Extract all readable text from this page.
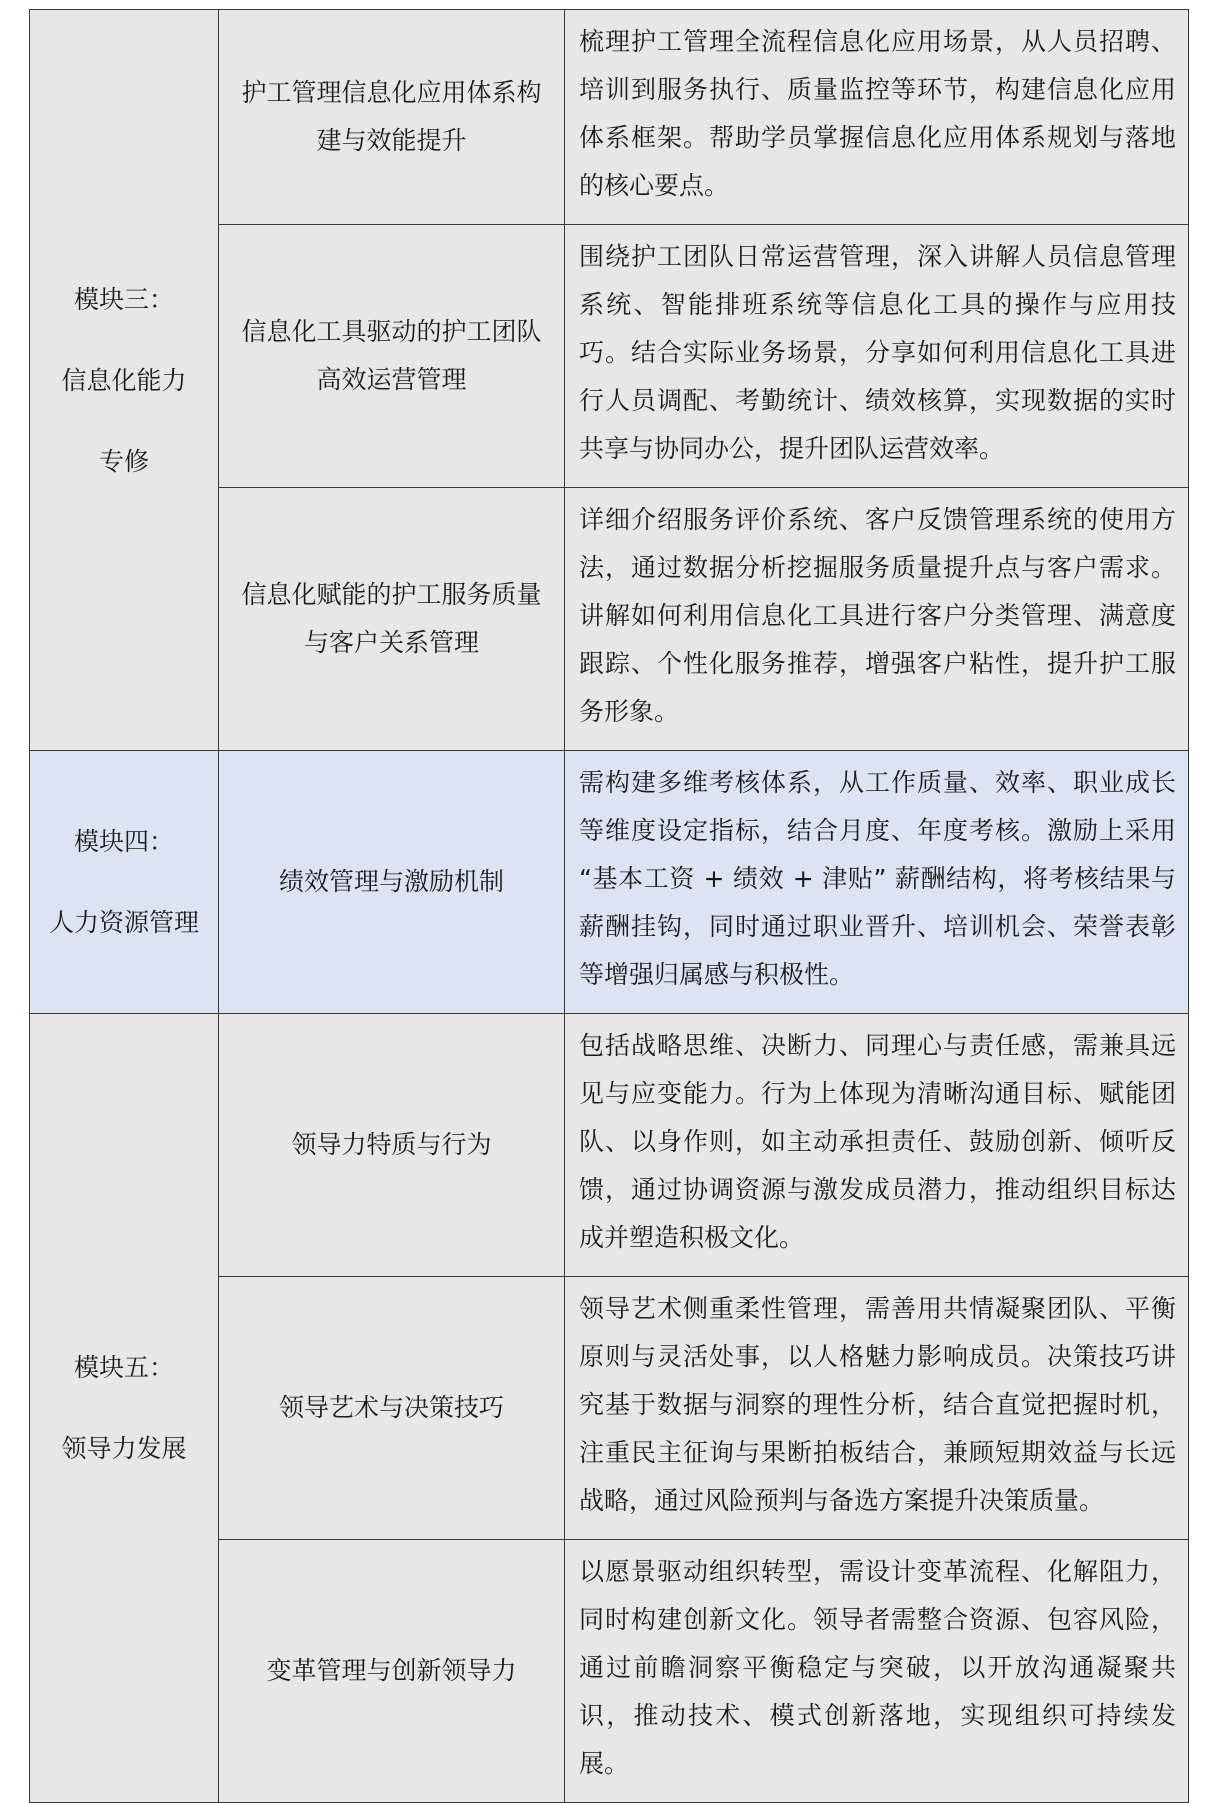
模块三：
信息化能力
专修	护工管理信息化应用体系构建与效能提升	梳理护工管理全流程信息化应用场景，从人员招聘、培训到服务执行、质量监控等环节，构建信息化应用体系框架。帮助学员掌握信息化应用体系规划与落地的核心要点。
	信息化工具驱动的护工团队高效运营管理	围绕护工团队日常运营管理，深入讲解人员信息管理系统、智能排班系统等信息化工具的操作与应用技巧。结合实际业务场景，分享如何利用信息化工具进行人员调配、考勤统计、绩效核算，实现数据的实时共享与协同办公，提升团队运营效率。
	信息化赋能的护工服务质量与客户关系管理	详细介绍服务评价系统、客户反馈管理系统的使用方法，通过数据分析挖掘服务质量提升点与客户需求。讲解如何利用信息化工具进行客户分类管理、满意度跟踪、个性化服务推荐，增强客户粘性，提升护工服务形象。

模块四：
人力资源管理	绩效管理与激励机制	需构建多维考核体系，从工作质量、效率、职业成长等维度设定指标，结合月度、年度考核。激励上采用 “基本工资 + 绩效 + 津贴” 薪酬结构，将考核结果与薪酬挂钩，同时通过职业晋升、培训机会、荣誉表彰等增强归属感与积极性。

模块五：
领导力发展	领导力特质与行为	包括战略思维、决断力、同理心与责任感，需兼具远见与应变能力。行为上体现为清晰沟通目标、赋能团队、以身作则，如主动承担责任、鼓励创新、倾听反馈，通过协调资源与激发成员潜力，推动组织目标达成并塑造积极文化。
	领导艺术与决策技巧	领导艺术侧重柔性管理，需善用共情凝聚团队、平衡原则与灵活处事，以人格魅力影响成员。决策技巧讲究基于数据与洞察的理性分析，结合直觉把握时机，注重民主征询与果断拍板结合，兼顾短期效益与长远战略，通过风险预判与备选方案提升决策质量。
	变革管理与创新领导力	以愿景驱动组织转型，需设计变革流程、化解阻力，同时构建创新文化。领导者需整合资源、包容风险，通过前瞻洞察平衡稳定与突破，以开放沟通凝聚共识，推动技术、模式创新落地，实现组织可持续发展。
